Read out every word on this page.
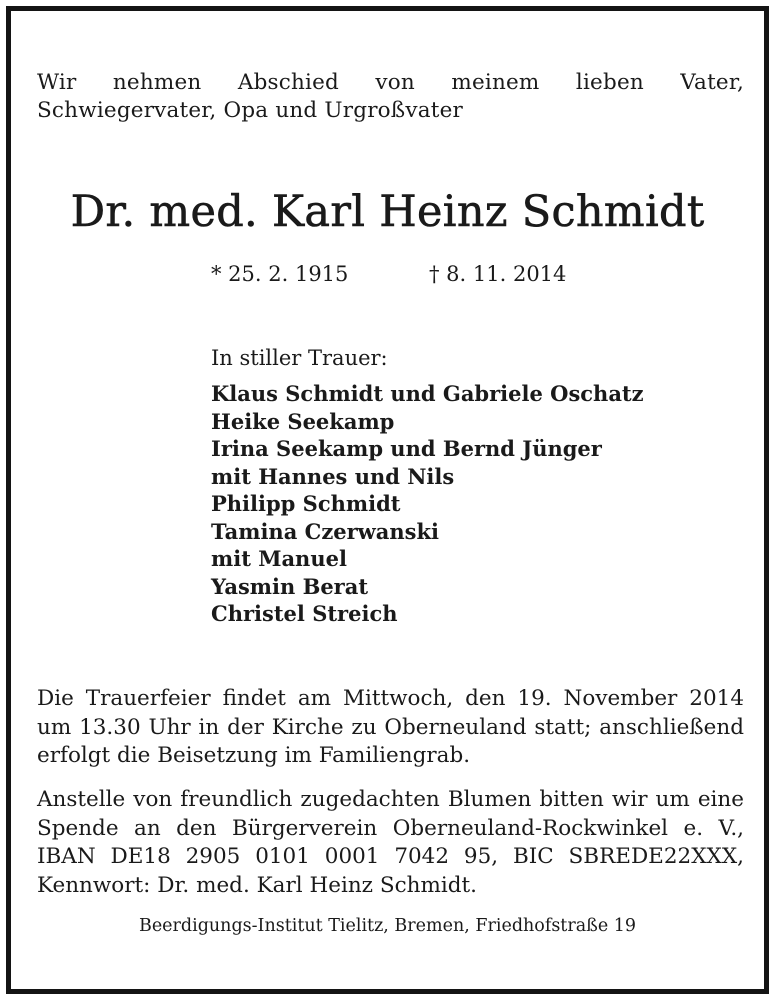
Wir nehmen Abschied von meinem lieben Vater, Schwiegervater, Opa und Urgroßvater

Dr. med. Karl Heinz Schmidt
* 25. 2. 1915	† 8. 11. 2014
In stiller Trauer:
Klaus Schmidt und Gabriele Oschatz
Heike Seekamp
Irina Seekamp und Bernd Jünger
mit Hannes und Nils
Philipp Schmidt
Tamina Czerwanski
mit Manuel
Yasmin Berat
Christel Streich

Die Trauerfeier findet am Mittwoch, den 19. November 2014 um 13.30 Uhr in der Kirche zu Oberneuland statt; anschließend erfolgt die Beisetzung im Familiengrab.

Anstelle von freundlich zugedachten Blumen bitten wir um eine Spende an den Bürgerverein Oberneuland-Rockwinkel e. V., IBAN DE18 2905 0101 0001 7042 95, BIC SBREDE22XXX, Kennwort: Dr. med. Karl Heinz Schmidt.

Beerdigungs-Institut Tielitz, Bremen, Friedhofstraße 19
